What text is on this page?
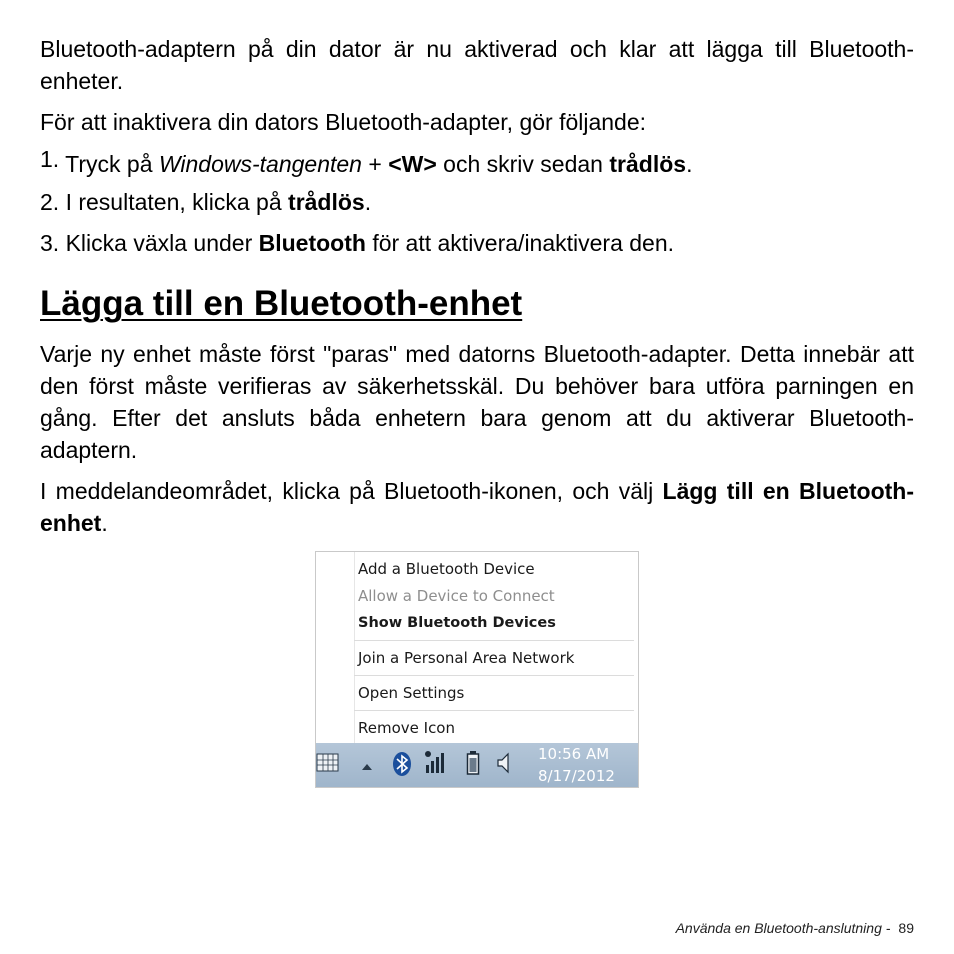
Bluetooth-adaptern på din dator är nu aktiverad och klar att lägga till Bluetooth-enheter.

För att inaktivera din dators Bluetooth-adapter, gör följande:

1. Tryck på Windows-tangenten + <W> och skriv sedan trådlös.
2. I resultaten, klicka på trådlös.
3. Klicka växla under Bluetooth för att aktivera/inaktivera den.
Lägga till en Bluetooth-enhet

Varje ny enhet måste först "paras" med datorns Bluetooth-adapter. Detta innebär att den först måste verifieras av säkerhetsskäl. Du behöver bara utföra parningen en gång. Efter det ansluts båda enhetern bara genom att du aktiverar Bluetooth-adaptern.

I meddelandeområdet, klicka på Bluetooth-ikonen, och välj Lägg till en Bluetooth-enhet.

Add a Bluetooth Device
Allow a Device to Connect
Show Bluetooth Devices
Join a Personal Area Network
Open Settings
Remove Icon
10:56 AM
8/17/2012
Använda en Bluetooth-anslutning - 89
